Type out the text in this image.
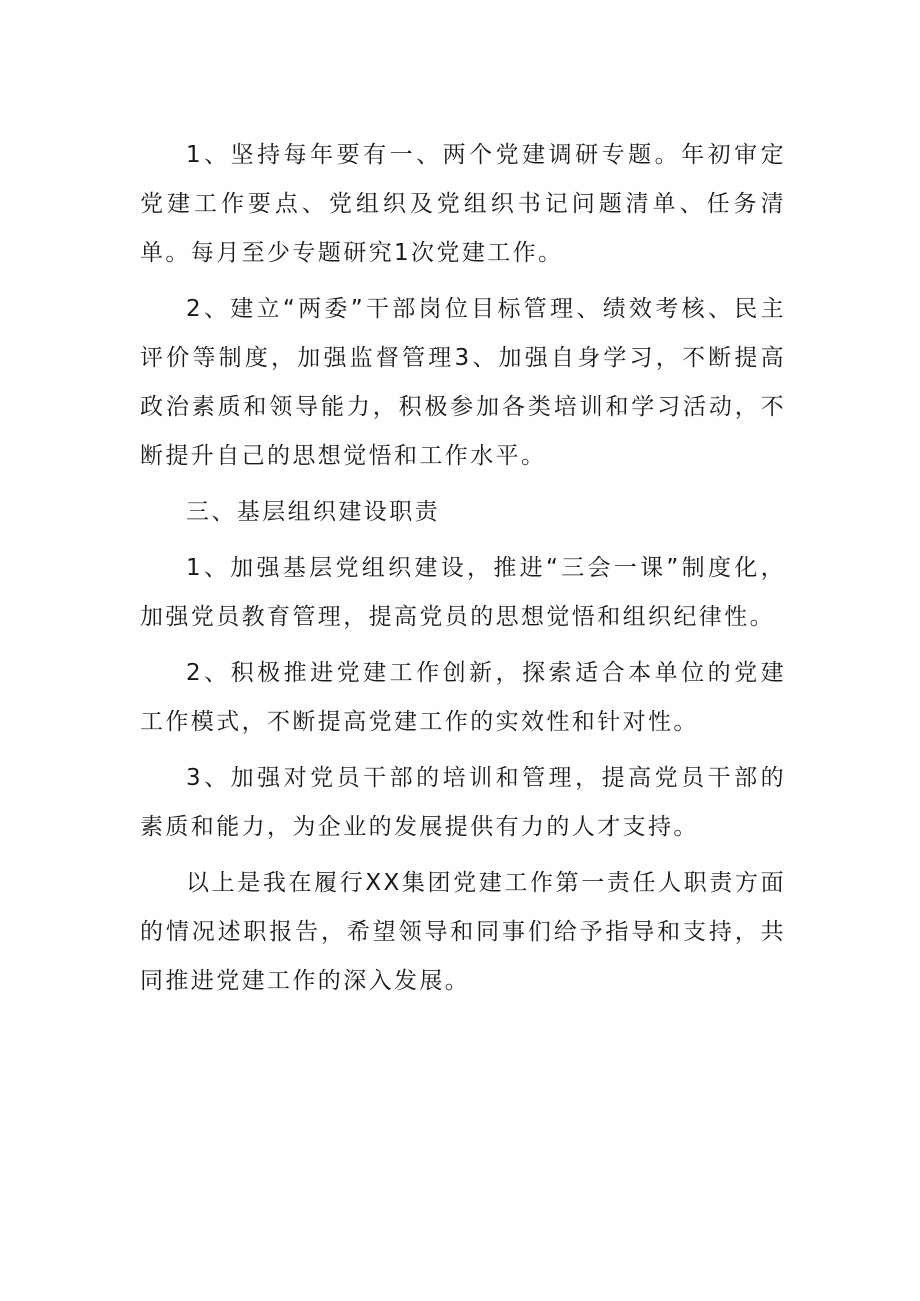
1、坚持每年要有一、两个党建调研专题。年初审定党建工作要点、党组织及党组织书记问题清单、任务清单。每月至少专题研究1次党建工作。

2、建立“两委”干部岗位目标管理、绩效考核、民主评价等制度，加强监督管理3、加强自身学习，不断提高政治素质和领导能力，积极参加各类培训和学习活动，不断提升自己的思想觉悟和工作水平。

三、基层组织建设职责

1、加强基层党组织建设，推进“三会一课”制度化，加强党员教育管理，提高党员的思想觉悟和组织纪律性。

2、积极推进党建工作创新，探索适合本单位的党建工作模式，不断提高党建工作的实效性和针对性。

3、加强对党员干部的培训和管理，提高党员干部的素质和能力，为企业的发展提供有力的人才支持。

以上是我在履行XX集团党建工作第一责任人职责方面的情况述职报告，希望领导和同事们给予指导和支持，共同推进党建工作的深入发展。
